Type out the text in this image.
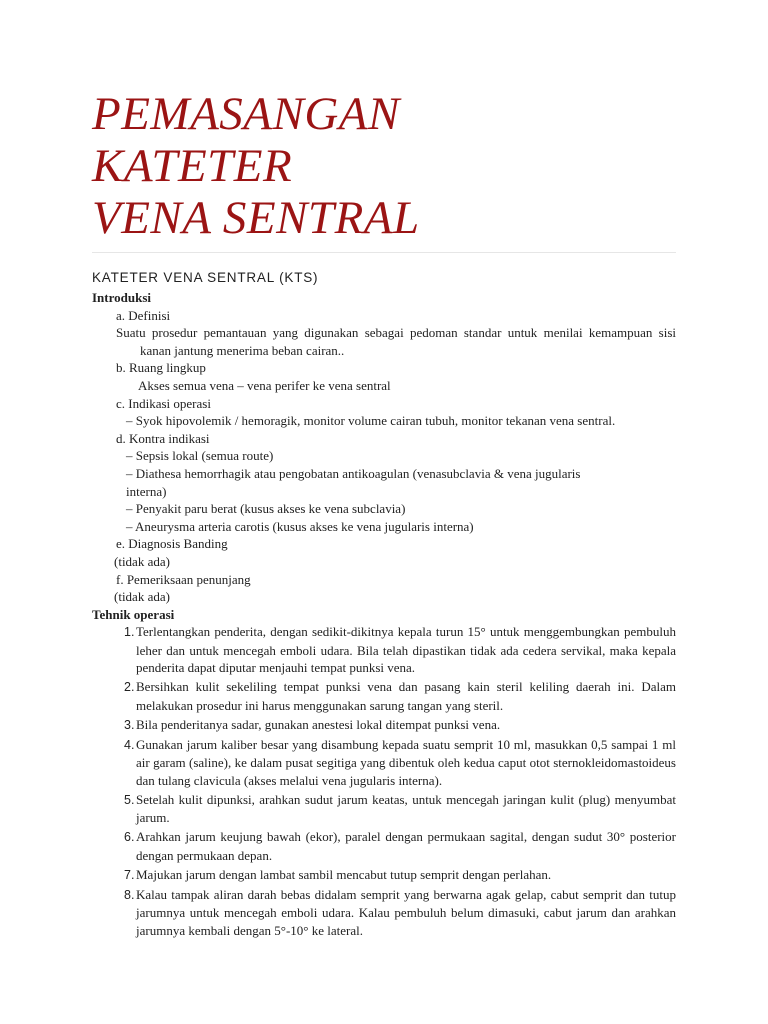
PEMASANGAN
KATETER
VENA SENTRAL
KATETER VENA SENTRAL (KTS)
Introduksi
a. Definisi
Suatu prosedur pemantauan yang digunakan sebagai pedoman standar untuk menilai kemampuan sisi kanan jantung menerima beban cairan..
b. Ruang lingkup
Akses semua vena – vena perifer ke vena sentral
c. Indikasi operasi
– Syok hipovolemik / hemoragik, monitor volume cairan tubuh, monitor tekanan vena sentral.
d. Kontra indikasi
– Sepsis lokal (semua route)
– Diathesa hemorrhagik atau pengobatan antikoagulan (venasubclavia & vena jugularis
interna)
– Penyakit paru berat (kusus akses ke vena subclavia)
– Aneurysma arteria carotis (kusus akses ke vena jugularis interna)
e. Diagnosis Banding
(tidak ada)
f. Pemeriksaan penunjang
(tidak ada)
Tehnik operasi
1. Terlentangkan penderita, dengan sedikit-dikitnya kepala turun 15° untuk menggembungkan pembuluh leher dan untuk mencegah emboli udara. Bila telah dipastikan tidak ada cedera servikal, maka kepala penderita dapat diputar menjauhi tempat punksi vena.
2. Bersihkan kulit sekeliling tempat punksi vena dan pasang kain steril keliling daerah ini. Dalam melakukan prosedur ini harus menggunakan sarung tangan yang steril.
3. Bila penderitanya sadar, gunakan anestesi lokal ditempat punksi vena.
4. Gunakan jarum kaliber besar yang disambung kepada suatu semprit 10 ml, masukkan 0,5 sampai 1 ml air garam (saline), ke dalam pusat segitiga yang dibentuk oleh kedua caput otot sternokleidomastoideus dan tulang clavicula (akses melalui vena jugularis interna).
5. Setelah kulit dipunksi, arahkan sudut jarum keatas, untuk mencegah jaringan kulit (plug) menyumbat jarum.
6. Arahkan jarum keujung bawah (ekor), paralel dengan permukaan sagital, dengan sudut 30° posterior dengan permukaan depan.
7. Majukan jarum dengan lambat sambil mencabut tutup semprit dengan perlahan.
8. Kalau tampak aliran darah bebas didalam semprit yang berwarna agak gelap, cabut semprit dan tutup jarumnya untuk mencegah emboli udara. Kalau pembuluh belum dimasuki, cabut jarum dan arahkan jarumnya kembali dengan 5°-10° ke lateral.
